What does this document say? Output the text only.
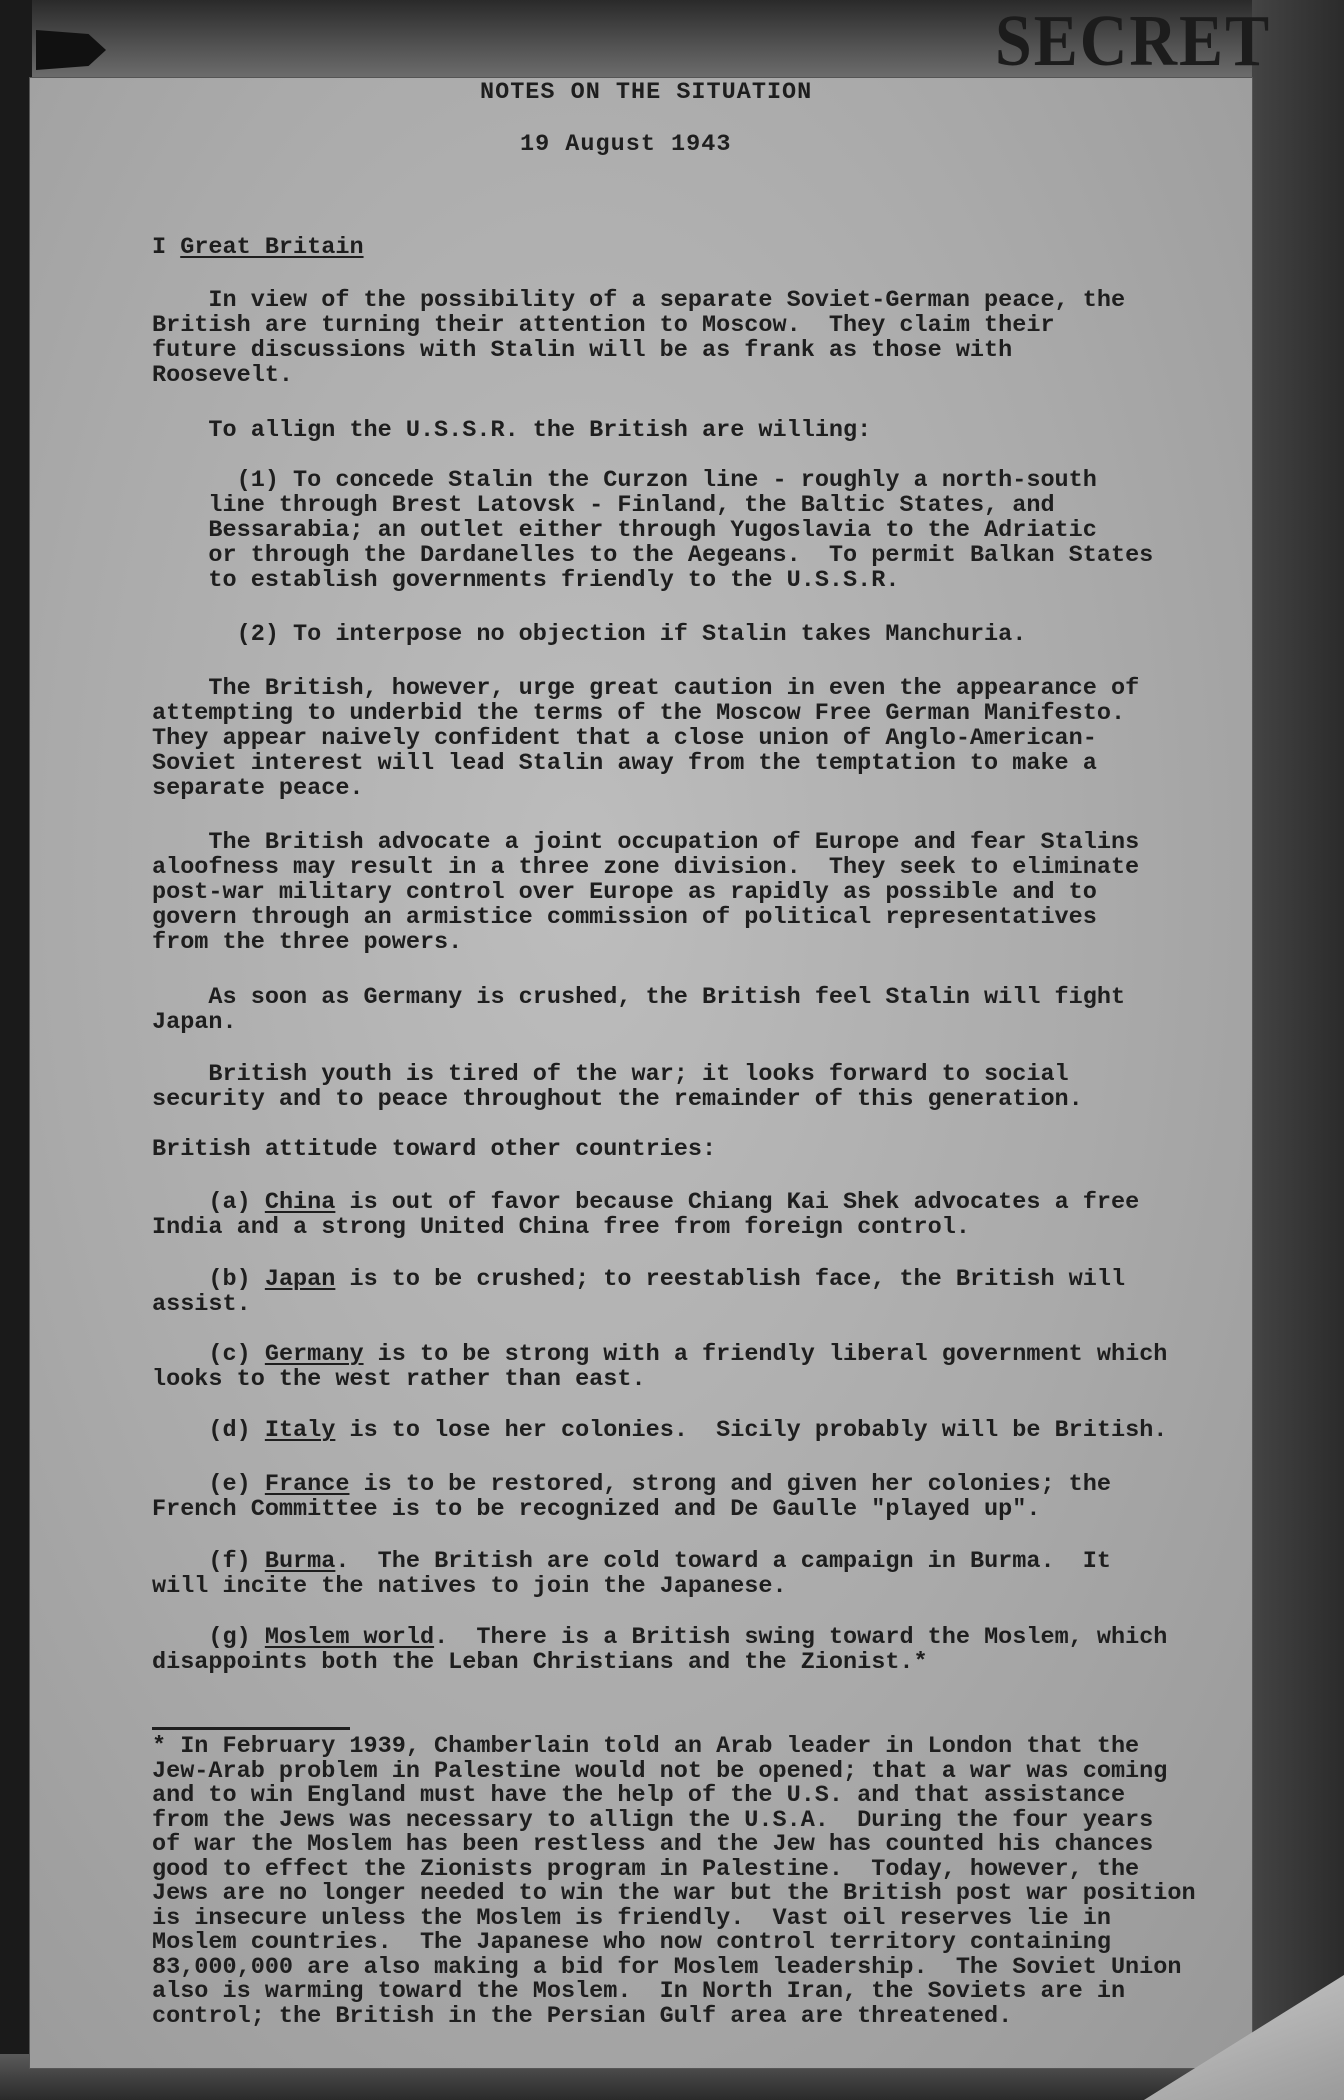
SECRET

NOTES ON THE SITUATION

19 August 1943

I Great Britain

In view of the possibility of a separate Soviet-German peace, the
British are turning their attention to Moscow.  They claim their
future discussions with Stalin will be as frank as those with
Roosevelt.

To allign the U.S.S.R. the British are willing:

(1) To concede Stalin the Curzon line - roughly a north-south
line through Brest Latovsk - Finland, the Baltic States, and
Bessarabia; an outlet either through Yugoslavia to the Adriatic
or through the Dardanelles to the Aegeans.  To permit Balkan States
to establish governments friendly to the U.S.S.R.

(2) To interpose no objection if Stalin takes Manchuria.

The British, however, urge great caution in even the appearance of
attempting to underbid the terms of the Moscow Free German Manifesto.
They appear naively confident that a close union of Anglo-American-
Soviet interest will lead Stalin away from the temptation to make a
separate peace.

The British advocate a joint occupation of Europe and fear Stalins
aloofness may result in a three zone division.  They seek to eliminate
post-war military control over Europe as rapidly as possible and to
govern through an armistice commission of political representatives
from the three powers.

As soon as Germany is crushed, the British feel Stalin will fight
Japan.

British youth is tired of the war; it looks forward to social
security and to peace throughout the remainder of this generation.

British attitude toward other countries:

(a) China is out of favor because Chiang Kai Shek advocates a free
India and a strong United China free from foreign control.

(b) Japan is to be crushed; to reestablish face, the British will
assist.

(c) Germany is to be strong with a friendly liberal government which
looks to the west rather than east.

(d) Italy is to lose her colonies.  Sicily probably will be British.

(e) France is to be restored, strong and given her colonies; the
French Committee is to be recognized and De Gaulle "played up".

(f) Burma.  The British are cold toward a campaign in Burma.  It
will incite the natives to join the Japanese.

(g) Moslem world.  There is a British swing toward the Moslem, which
disappoints both the Leban Christians and the Zionist.*

* In February 1939, Chamberlain told an Arab leader in London that the
Jew-Arab problem in Palestine would not be opened; that a war was coming
and to win England must have the help of the U.S. and that assistance
from the Jews was necessary to allign the U.S.A.  During the four years
of war the Moslem has been restless and the Jew has counted his chances
good to effect the Zionists program in Palestine.  Today, however, the
Jews are no longer needed to win the war but the British post war position
is insecure unless the Moslem is friendly.  Vast oil reserves lie in
Moslem countries.  The Japanese who now control territory containing
83,000,000 are also making a bid for Moslem leadership.  The Soviet Union
also is warming toward the Moslem.  In North Iran, the Soviets are in
control; the British in the Persian Gulf area are threatened.
